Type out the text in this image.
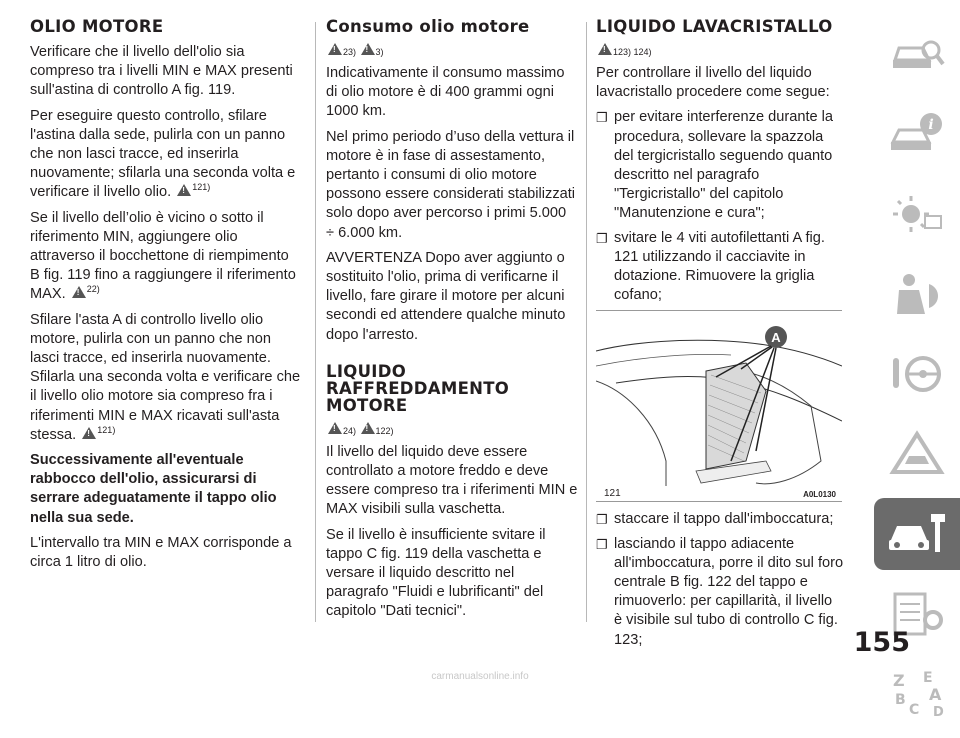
OLIO MOTORE

Verificare che il livello dell'olio sia compreso tra i livelli MIN e MAX presenti sull'astina di controllo A fig. 119.

Per eseguire questo controllo, sfilare l'astina dalla sede, pulirla con un panno che non lasci tracce, ed inserirla nuovamente; sfilarla una seconda volta e verificare il livello olio. ! $^{121)}$

Se il livello dell’olio è vicino o sotto il riferimento MIN, aggiungere olio attraverso il bocchettone di riempimento B fig. 119 fino a raggiungere il riferimento MAX. ! $^{22)}$

Sfilare l'asta A di controllo livello olio motore, pulirla con un panno che non lasci tracce, ed inserirla nuovamente. Sfilarla una seconda volta e verificare che il livello olio motore sia compreso fra i riferimenti MIN e MAX ricavati sull'asta stessa. ! $^{121)}$

Successivamente all'eventuale rabbocco dell'olio, assicurarsi di serrare adeguatamente il tappo olio nella sua sede.

L'intervallo tra MIN e MAX corrisponde a circa 1 litro di olio.

Consumo olio motore
!23) ! 3)

Indicativamente il consumo massimo di olio motore è di 400 grammi ogni 1000 km.

Nel primo periodo d’uso della vettura il motore è in fase di assestamento, pertanto i consumi di olio motore possono essere considerati stabilizzati solo dopo aver percorso i primi 5.000 ÷ 6.000 km.

AVVERTENZA Dopo aver aggiunto o sostituito l'olio, prima di verificarne il livello, fare girare il motore per alcuni secondi ed attendere qualche minuto dopo l'arresto.

LIQUIDO RAFFREDDAMENTO MOTORE
!24) ! 122)

Il livello del liquido deve essere controllato a motore freddo e deve essere compreso tra i riferimenti MIN e MAX visibili sulla vaschetta.

Se il livello è insufficiente svitare il tappo C fig. 119 della vaschetta e versare il liquido descritto nel paragrafo "Fluidi e lubrificanti" del capitolo "Dati tecnici".

LIQUIDO LAVACRISTALLO
!123) 124)

Per controllare il livello del liquido lavacristallo procedere come segue:

❐ per evitare interferenze durante la procedura, sollevare la spazzola del tergicristallo seguendo quanto descritto nel paragrafo "Tergicristallo" del capitolo "Manutenzione e cura";
❐ svitare le 4 viti autofilettanti A fig. 121 utilizzando il cacciavite in dotazione. Rimuovere la griglia cofano;
A
121	A0L0130
❐ staccare il tappo dall'imboccatura;
❐ lasciando il tappo adiacente all'imboccatura, porre il dito sul foro centrale B fig. 122 del tappo e rimuoverlo: per capillarità, il livello è visibile sul tubo di controllo C fig. 123;
i
Z E
A
B
C D
155
carmanualsonline.info
